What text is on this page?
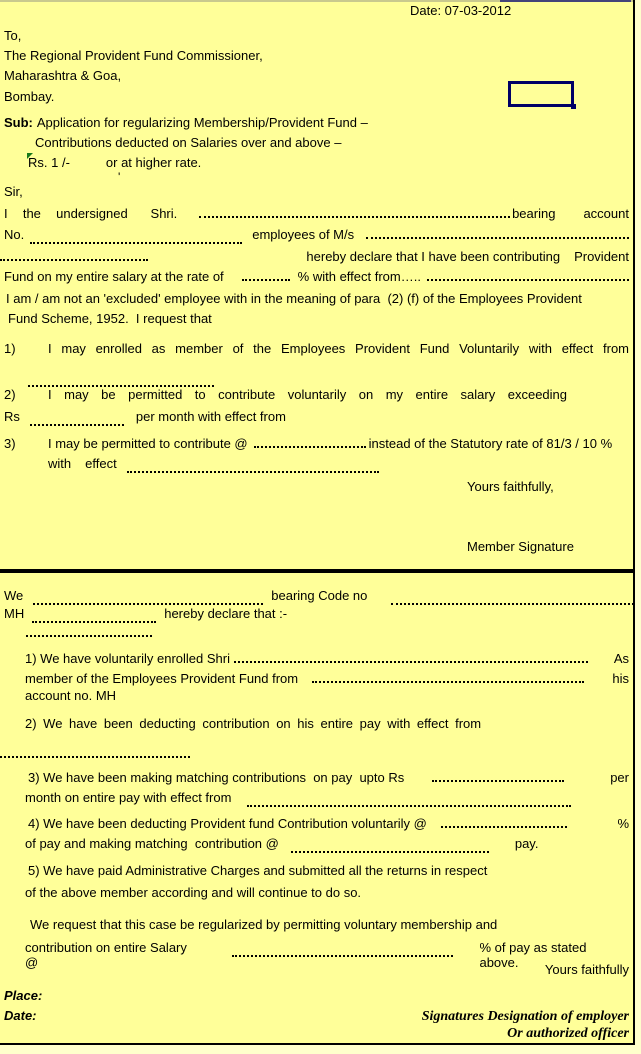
Date: 07-03-2012
To,
The Regional Provident Fund Commissioner,
Maharashtra & Goa,
Bombay.
Sub: Application for regularizing Membership/Provident Fund –
Contributions deducted on Salaries over and above –
Rs. 1 /-	or at higher rate.
'
Sir,
I  the  undersigned   Shri.	bearing account
No.	employees of M/s
hereby declare that I have been contributing Provident
Fund on my entire salary at the rate of	% with effect from…..
I am / am not an 'excluded' employee with in the meaning of para  (2) (f) of the Employees Provident
Fund Scheme, 1952.  I request that
1)	I may enrolled as member of the Employees Provident Fund Voluntarily with effect from
2)	I may be permitted to contribute voluntarily on my entire salary exceeding
Rs	per month with effect from
3)	I may be permitted to contribute @	instead of the Statutory rate of 81/3 / 10 %
with effect
Yours faithfully,
Member Signature
We	bearing Code no
MH	hereby declare that :-
1) We have voluntarily enrolled Shri	As
member of the Employees Provident Fund from	his
account no. MH
2) We have been deducting contribution on his entire pay with effect from
3) We have been making matching contributions  on pay  upto Rs	per
month on entire pay with effect from
4) We have been deducting Provident fund Contribution voluntarily @	%
of pay and making matching  contribution @	pay.
5) We have paid Administrative Charges and submitted all the returns in respect
of the above member according and will continue to do so.
We request that this case be regularized by permitting voluntary membership and
contribution on entire Salary @
% of pay as stated above.	Yours faithfully
Place:
Date:	Signatures Designation of employer
Or authorized officer
